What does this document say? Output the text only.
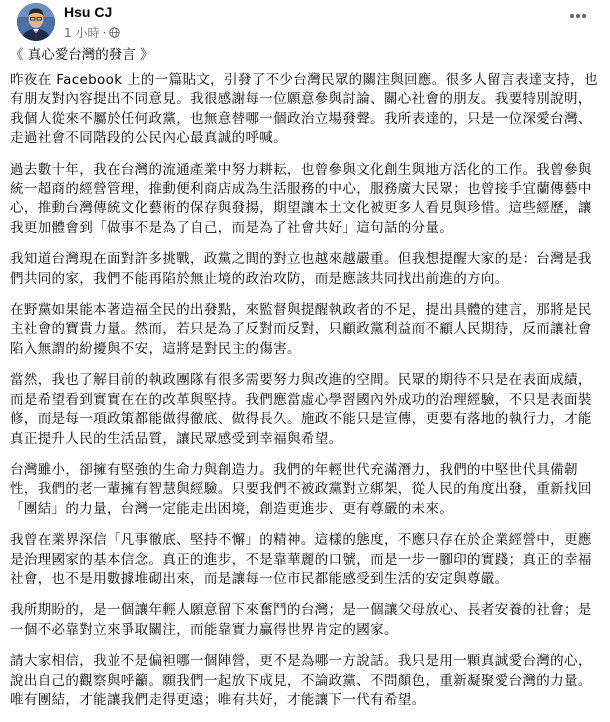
Hsu CJ
1 小時 ·
《 真心愛台灣的發言 》
昨夜在 Facebook 上的一篇貼文，引發了不少台灣民眾的關注與回應。很多人留言表達支持，也有朋友對內容提出不同意見。我很感謝每一位願意參與討論、關心社會的朋友。我要特別說明，我個人從來不屬於任何政黨，也無意替哪一個政治立場發聲。我所表達的，只是一位深愛台灣、走過社會不同階段的公民內心最真誠的呼喊。
過去數十年，我在台灣的流通產業中努力耕耘，也曾參與文化創生與地方活化的工作。我曾參與統一超商的經營管理，推動便利商店成為生活服務的中心，服務廣大民眾；也曾接手宜蘭傳藝中心，推動台灣傳統文化藝術的保存與發揚，期望讓本土文化被更多人看見與珍惜。這些經歷，讓我更加體會到「做事不是為了自己，而是為了社會共好」這句話的分量。
我知道台灣現在面對許多挑戰，政黨之間的對立也越來越嚴重。但我想提醒大家的是：台灣是我們共同的家，我們不能再陷於無止境的政治攻防，而是應該共同找出前進的方向。
在野黨如果能本著造福全民的出發點，來監督與提醒執政者的不足，提出具體的建言，那將是民主社會的寶貴力量。然而，若只是為了反對而反對，只顧政黨利益而不顧人民期待，反而讓社會陷入無謂的紛擾與不安，這將是對民主的傷害。
當然，我也了解目前的執政團隊有很多需要努力與改進的空間。民眾的期待不只是在表面成績，而是希望看到實實在在的改革與堅持。我們應當虛心學習國內外成功的治理經驗，不只是表面裝修，而是每一項政策都能做得徹底、做得長久。施政不能只是宣傳，更要有落地的執行力，才能真正提升人民的生活品質，讓民眾感受到幸福與希望。
台灣雖小，卻擁有堅強的生命力與創造力。我們的年輕世代充滿潛力，我們的中堅世代具備韌性，我們的老一輩擁有智慧與經驗。只要我們不被政黨對立綁架，從人民的角度出發，重新找回「團結」的力量，台灣一定能走出困境，創造更進步、更有尊嚴的未來。
我曾在業界深信「凡事徹底、堅持不懈」的精神。這樣的態度，不應只存在於企業經營中，更應是治理國家的基本信念。真正的進步，不是靠華麗的口號，而是一步一腳印的實踐；真正的幸福社會，也不是用數據堆砌出來，而是讓每一位市民都能感受到生活的安定與尊嚴。
我所期盼的，是一個讓年輕人願意留下來奮鬥的台灣；是一個讓父母放心、長者安養的社會；是一個不必靠對立來爭取關注，而能靠實力贏得世界肯定的國家。
請大家相信，我並不是偏袒哪一個陣營，更不是為哪一方說話。我只是用一顆真誠愛台灣的心，說出自己的觀察與呼籲。願我們一起放下成見，不論政黨、不問顏色，重新凝聚愛台灣的力量。唯有團結，才能讓我們走得更遠；唯有共好，才能讓下一代有希望。
